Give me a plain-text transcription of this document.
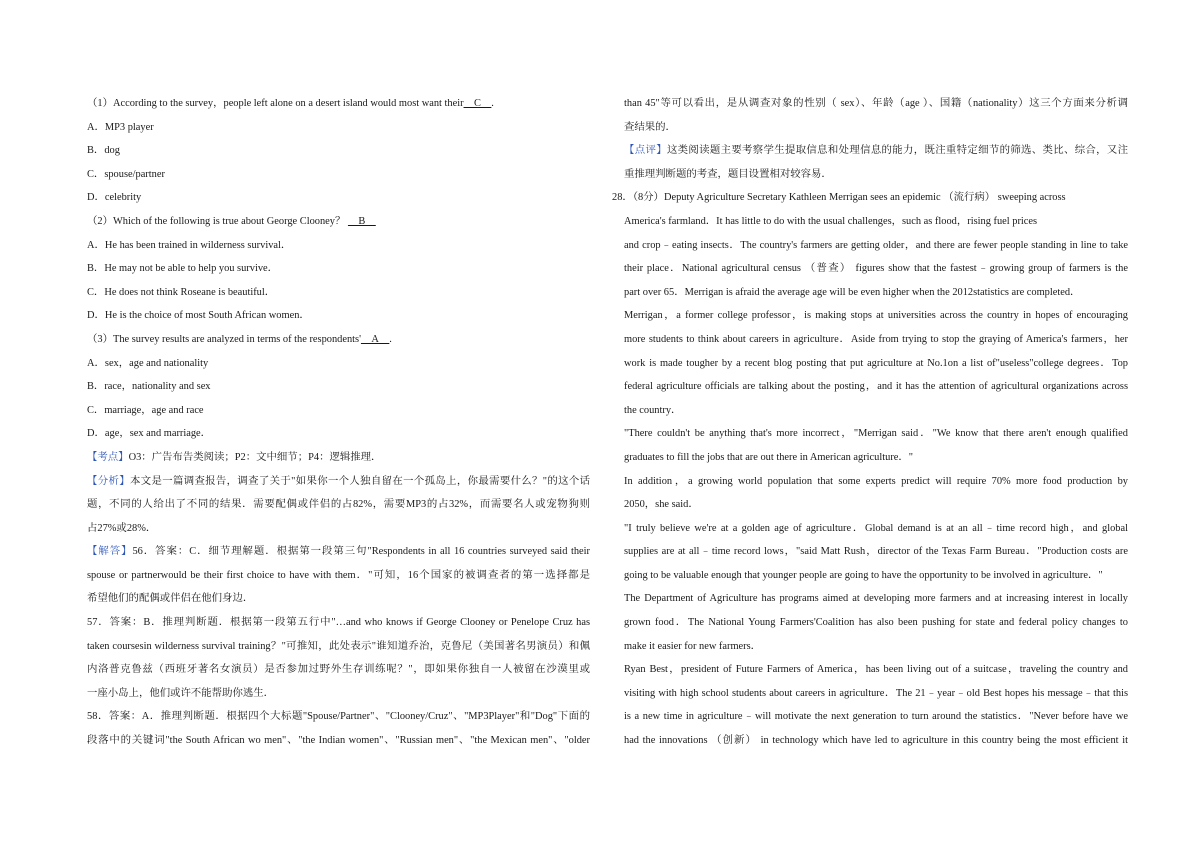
（1）According to the survey，people left alone on a desert island would most want their__C__.
A．MP3 player
B．dog
C．spouse/partner
D．celebrity
（2）Which of the following is true about George Clooney？ __B__
A．He has been trained in wilderness survival．
B．He may not be able to help you survive．
C．He does not think Roseane is beautiful．
D．He is the choice of most South African women．
（3）The survey results are analyzed in terms of the respondents'__A__.
A．sex，age and nationality
B．race，nationality and sex
C．marriage，age and race
D．age，sex and marriage．
【考点】O3：广告布告类阅读；P2：文中细节；P4：逻辑推理．
【分析】本文是一篇调查报告，调查了关于"如果你一个人独自留在一个孤岛上，你最需要什么？"的这个话
题，不同的人给出了不同的结果．需要配偶或伴侣的占82%，需要MP3的占32%，而需要名人或宠物狗则
占27%或28%．
【解答】56．答案：C．细节理解题．根据第一段第三句"Respondents in all 16 countries surveyed said their
spouse or partnerwould be their first choice to have with them．"可知，16个国家的被调查者的第一选择都是
希望他们的配偶或伴侣在他们身边．
57．答案：B．推理判断题．根据第一段第五行中"…and who knows if George Clooney or Penelope Cruz has
taken coursesin wilderness survival training？"可推知，此处表示"谁知道乔治，克鲁尼（美国著名男演员）和佩
内洛普克鲁兹（西班牙著名女演员）是否参加过野外生存训练呢？"，即如果你独自一人被留在沙漠里或
一座小岛上，他们或许不能帮助你逃生．
58．答案：A．推理判断题．根据四个大标题"Spouse/Partner"、"Clooney/Cruz"、"MP3Player"和"Dog"下面的
段落中的关键词"the South African wo men"、"the Indian women"、"Russian men"、"the Mexican men"、"older
than 45"等可以看出，是从调查对象的性别（ sex）、年龄（age ）、国籍（nationality）这三个方面来分析调
查结果的．
【点评】这类阅读题主要考察学生提取信息和处理信息的能力，既注重特定细节的筛选、类比、综合，又注
重推理判断题的考查，题目设置相对较容易．
28．（8分）Deputy Agriculture Secretary Kathleen Merrigan sees an epidemic （流行病） sweeping across
America's farmland．It has little to do with the usual challenges，such as flood，rising fuel prices
and crop﹣eating insects．The country's farmers are getting older，and there are fewer people standing in line to take
their place．National agricultural census （普查） figures show that the fastest﹣growing group of farmers is the
part over 65．Merrigan is afraid the average age will be even higher when the 2012statistics are completed．
Merrigan，a former college professor，is making stops at universities across the country in hopes of encouraging
more students to think about careers in agriculture．Aside from trying to stop the graying of America's farmers，her
work is made tougher by a recent blog posting that put agriculture at No.1on a list of"useless"college degrees．Top
federal agriculture officials are talking about the posting，and it has the attention of agricultural organizations across
the country．
"There couldn't be anything that's more incorrect，"Merrigan said．"We know that there aren't enough qualified
graduates to fill the jobs that are out there in American agriculture．"
In addition，a growing world population that some experts predict will require 70% more food production by
2050，she said．
"I truly believe we're at a golden age of agriculture．Global demand is at an all﹣time record high，and global
supplies are at all﹣time record lows，"said Matt Rush，director of the Texas Farm Bureau．"Production costs are
going to be valuable enough that younger people are going to have the opportunity to be involved in agriculture．"
The Department of Agriculture has programs aimed at developing more farmers and at increasing interest in locally
grown food．The National Young Farmers'Coalition has also been pushing for state and federal policy changes to
make it easier for new farmers．
Ryan Best，president of Future Farmers of America，has been living out of a suitcase，traveling the country and
visiting with high school students about careers in agriculture．The 21﹣year﹣old Best hopes his message﹣that this
is a new time in agriculture﹣will motivate the next generation to turn around the statistics．"Never before have we
had the innovations （创新） in technology which have led to agriculture in this country being the most efficient it
